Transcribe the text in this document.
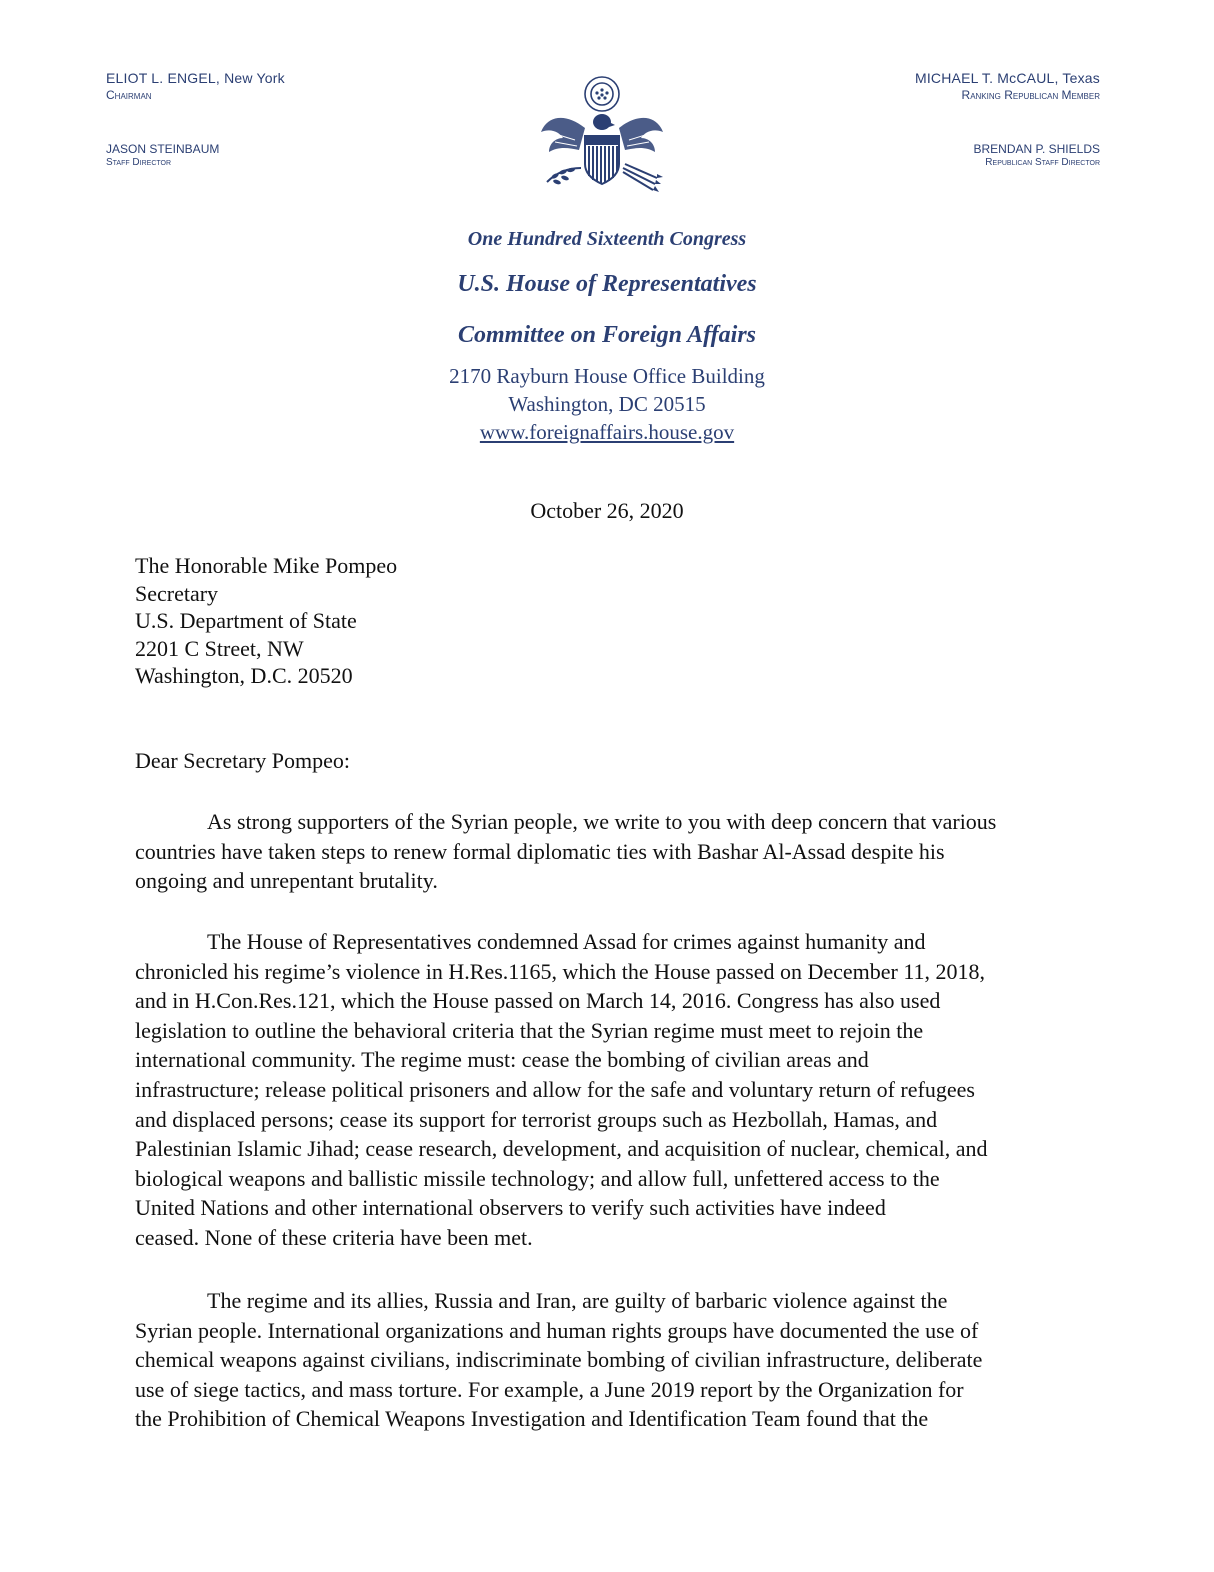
ELIOT L. ENGEL, New York
Chairman
JASON STEINBAUM
Staff Director
MICHAEL T. McCAUL, Texas
Ranking Republican Member
BRENDAN P. SHIELDS
Republican Staff Director
One Hundred Sixteenth Congress
U.S. House of Representatives
Committee on Foreign Affairs
2170 Rayburn House Office Building
Washington, DC 20515
www.foreignaffairs.house.gov
October 26, 2020
The Honorable Mike Pompeo
Secretary
U.S. Department of State
2201 C Street, NW
Washington, D.C. 20520
Dear Secretary Pompeo:
As strong supporters of the Syrian people, we write to you with deep concern that various
countries have taken steps to renew formal diplomatic ties with Bashar Al-Assad despite his
ongoing and unrepentant brutality.
The House of Representatives condemned Assad for crimes against humanity and
chronicled his regime’s violence in H.Res.1165, which the House passed on December 11, 2018,
and in H.Con.Res.121, which the House passed on March 14, 2016. Congress has also used
legislation to outline the behavioral criteria that the Syrian regime must meet to rejoin the
international community. The regime must: cease the bombing of civilian areas and
infrastructure; release political prisoners and allow for the safe and voluntary return of refugees
and displaced persons; cease its support for terrorist groups such as Hezbollah, Hamas, and
Palestinian Islamic Jihad; cease research, development, and acquisition of nuclear, chemical, and
biological weapons and ballistic missile technology; and allow full, unfettered access to the
United Nations and other international observers to verify such activities have indeed
ceased. None of these criteria have been met.
The regime and its allies, Russia and Iran, are guilty of barbaric violence against the
Syrian people. International organizations and human rights groups have documented the use of
chemical weapons against civilians, indiscriminate bombing of civilian infrastructure, deliberate
use of siege tactics, and mass torture. For example, a June 2019 report by the Organization for
the Prohibition of Chemical Weapons Investigation and Identification Team found that the
